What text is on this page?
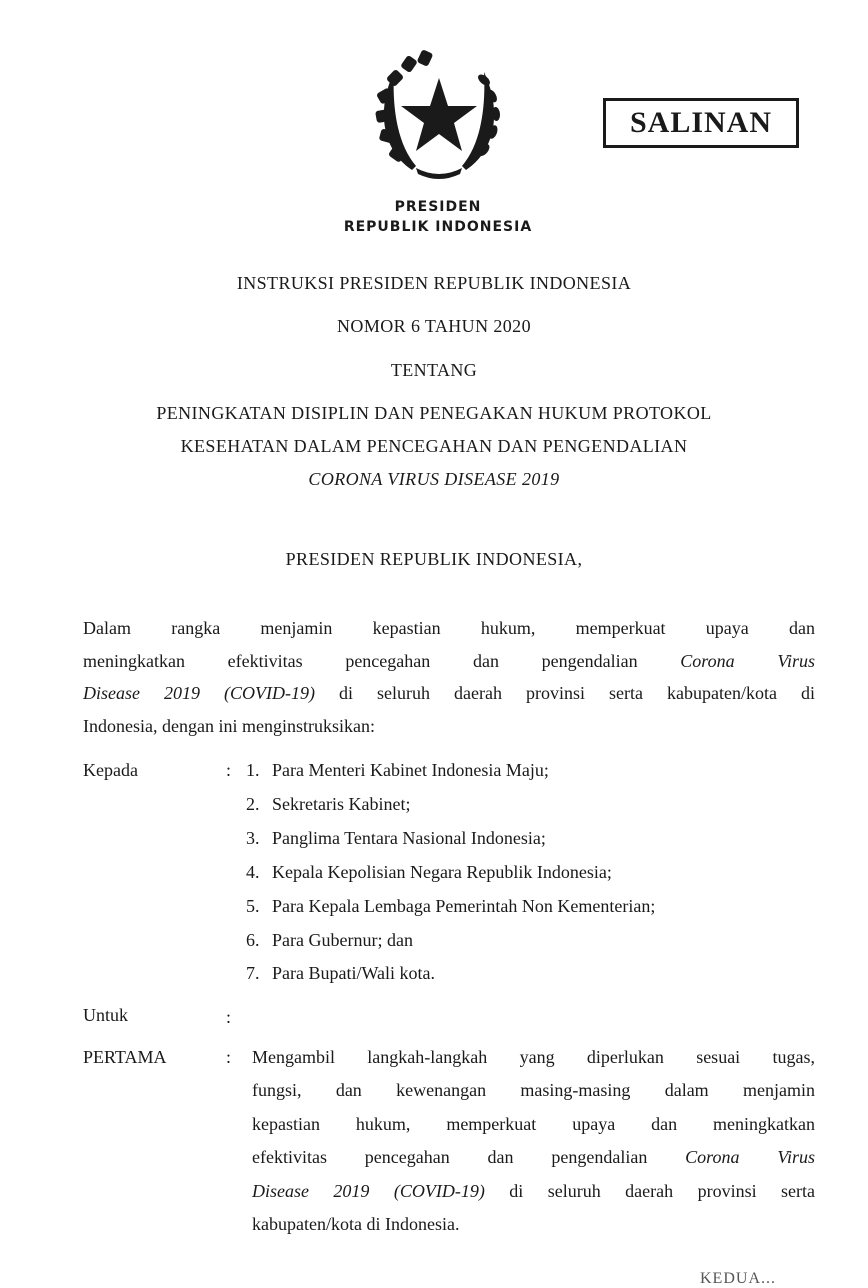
SALINAN
PRESIDEN
REPUBLIK INDONESIA
INSTRUKSI PRESIDEN REPUBLIK INDONESIA
NOMOR 6 TAHUN 2020
TENTANG
PENINGKATAN DISIPLIN DAN PENEGAKAN HUKUM PROTOKOL
KESEHATAN DALAM PENCEGAHAN DAN PENGENDALIAN
CORONA VIRUS DISEASE 2019
PRESIDEN REPUBLIK INDONESIA,
Dalam rangka menjamin kepastian hukum, memperkuat upaya dan
meningkatkan efektivitas pencegahan dan pengendalian Corona Virus
Disease 2019 (COVID-19) di seluruh daerah provinsi serta kabupaten/kota di
Indonesia, dengan ini menginstruksikan:
Kepada	: 1. Para Menteri Kabinet Indonesia Maju;
2. Sekretaris Kabinet;
3. Panglima Tentara Nasional Indonesia;
4. Kepala Kepolisian Negara Republik Indonesia;
5. Para Kepala Lembaga Pemerintah Non Kementerian;
6. Para Gubernur; dan
7. Para Bupati/Wali kota.
Untuk	:
PERTAMA	: Mengambil langkah-langkah yang diperlukan sesuai tugas,
fungsi, dan kewenangan masing-masing dalam menjamin
kepastian hukum, memperkuat upaya dan meningkatkan
efektivitas pencegahan dan pengendalian Corona Virus
Disease 2019 (COVID-19) di seluruh daerah provinsi serta
kabupaten/kota di Indonesia.
KEDUA...
